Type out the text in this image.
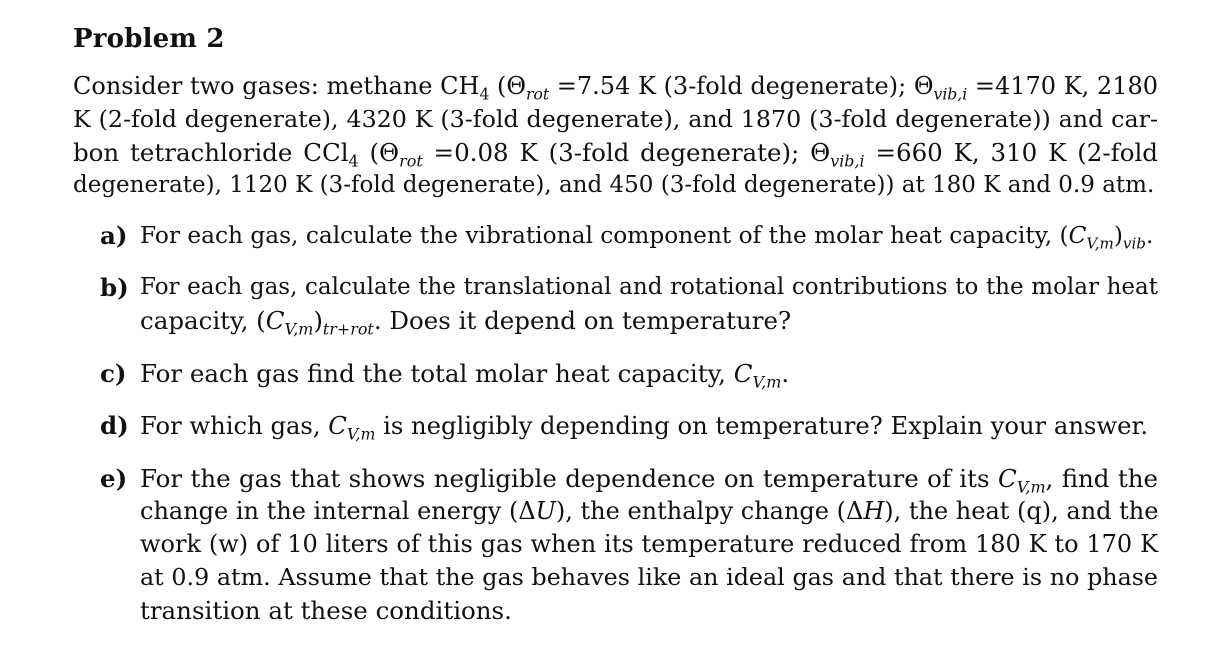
Problem 2
Consider two gases: methane $CH_4$ ($\Theta_{rot} =7.54$ K (3-fold degenerate); $\Theta_{vib,i} =4170$ K, 2180
K (2-fold degenerate), 4320 K (3-fold degenerate), and 1870 (3-fold degenerate)) and car-
bon tetrachloride CCl$_4$ ($\Theta_{rot} =0.08$ K (3-fold degenerate); $\Theta_{vib,i} =660$ K, 310 K (2-fold
degenerate), 1120 K (3-fold degenerate), and 450 (3-fold degenerate)) at 180 K and 0.9 atm.
a) For each gas, calculate the vibrational component of the molar heat capacity, $(C_{V,m})_{vib}$.
b) For each gas, calculate the translational and rotational contributions to the molar heat
capacity, $(C_{V,m})_{tr+rot}$. Does it depend on temperature?
c) For each gas find the total molar heat capacity, $C_{V,m}$.
d) For which gas, $C_{V,m}$ is negligibly depending on temperature? Explain your answer.
e) For the gas that shows negligible dependence on temperature of its $C_{V,m}$, find the
change in the internal energy (ΔU), the enthalpy change (ΔH), the heat (q), and the
work (w) of 10 liters of this gas when its temperature reduced from 180 K to 170 K
at 0.9 atm. Assume that the gas behaves like an ideal gas and that there is no phase
transition at these conditions.
